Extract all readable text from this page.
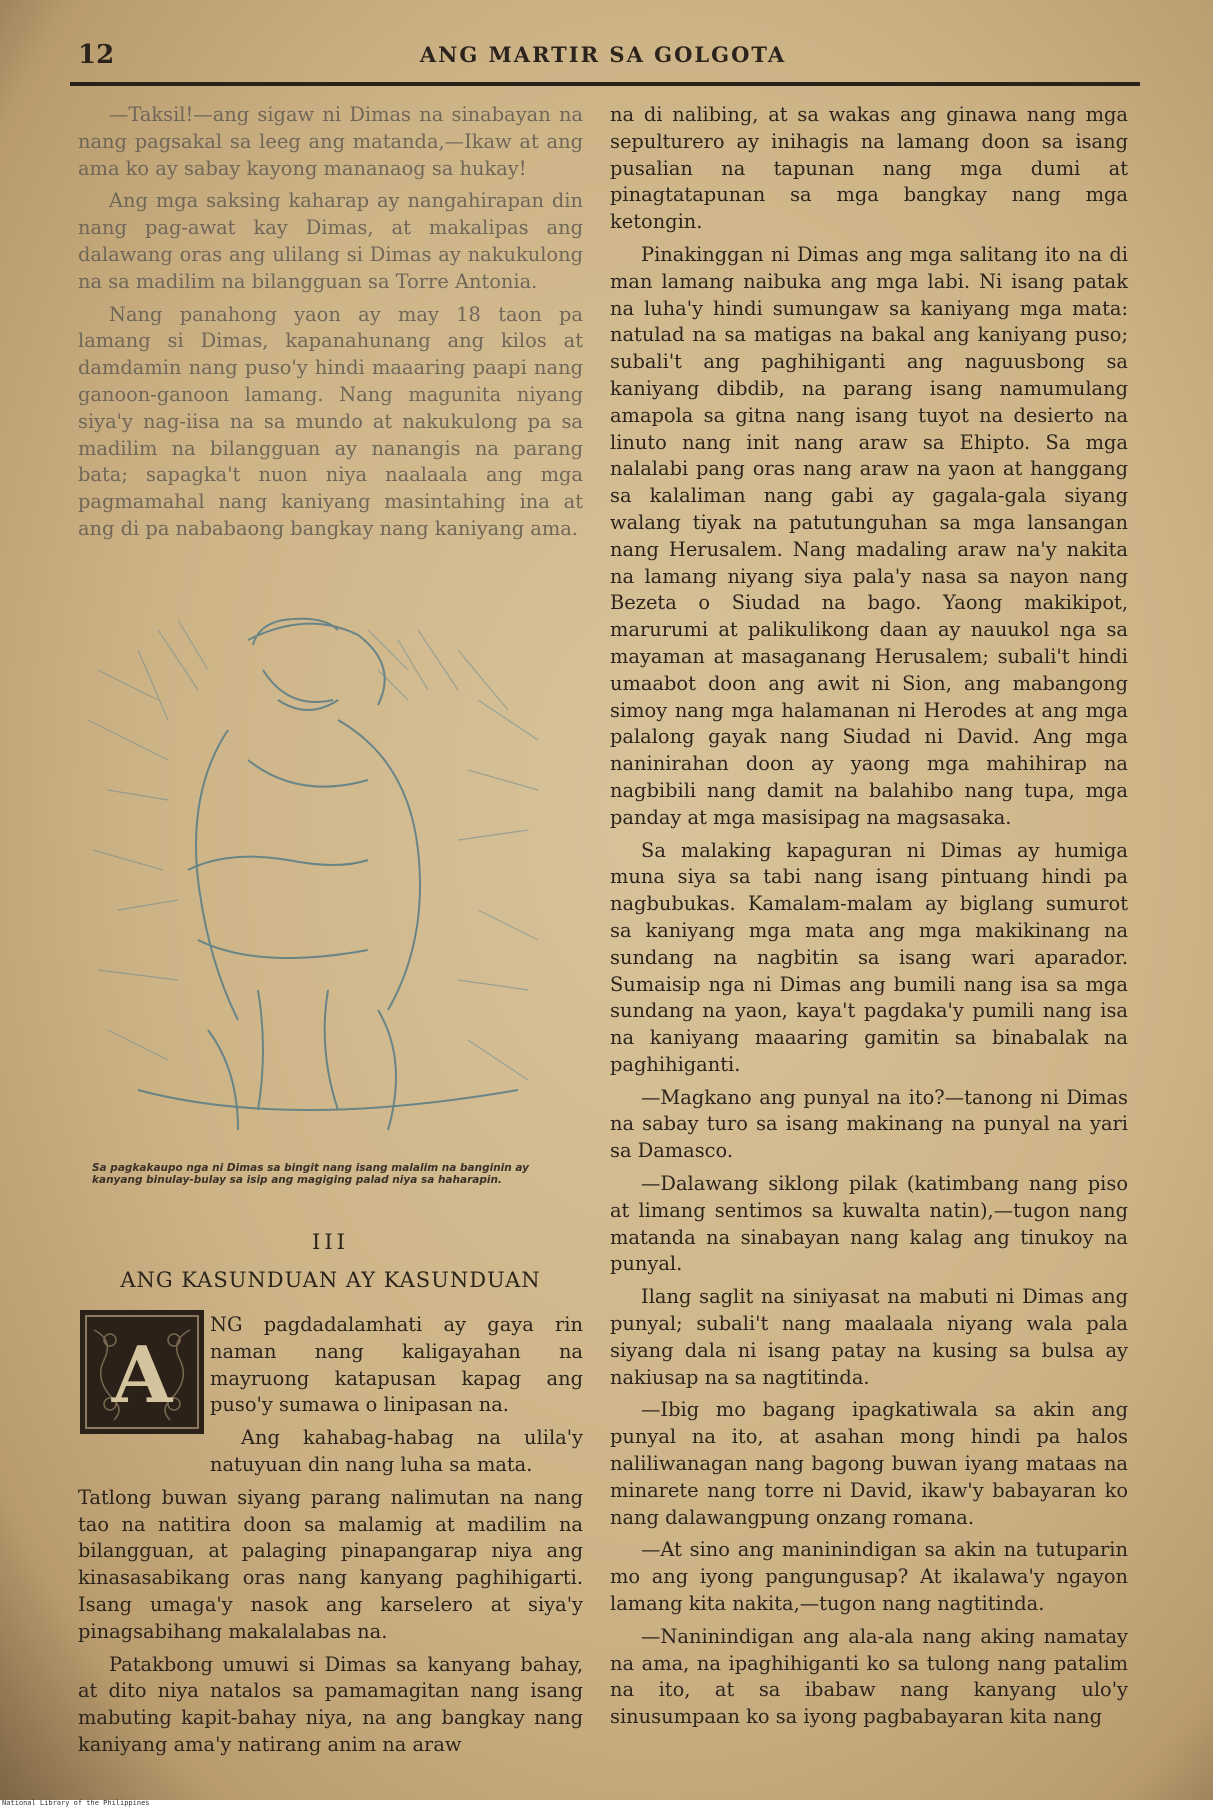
12	ANG MARTIR SA GOLGOTA

—Taksil!—ang sigaw ni Dimas na sinabayan na nang pagsakal sa leeg ang matanda,—Ikaw at ang ama ko ay sabay kayong mananaog sa hukay!

Ang mga saksing kaharap ay nangahirapan din nang pag-awat kay Dimas, at makalipas ang dalawang oras ang ulilang si Dimas ay nakukulong na sa madilim na bilangguan sa Torre Antonia.

Nang panahong yaon ay may 18 taon pa lamang si Dimas, kapanahunang ang kilos at damdamin nang puso'y hindi maaaring paapi nang ganoon-ganoon lamang. Nang magunita niyang siya'y nag-iisa na sa mundo at nakukulong pa sa madilim na bilangguan ay nanangis na parang bata; sapagka't nuon niya naalaala ang mga pagmamahal nang kaniyang masintahing ina at ang di pa nababaong bangkay nang kaniyang ama.

Sa pagkakaupo nga ni Dimas sa bingit nang isang malalim na banginin ay kanyang binulay-bulay sa isip ang magiging palad niya sa haharapin.
III
ANG KASUNDUAN AY KASUNDUAN
A

NG pagdadalamhati ay gaya rin naman nang kaligayahan na mayruong katapusan kapag ang puso'y sumawa o linipasan na.

Ang kahabag-habag na ulila'y natuyuan din nang luha sa mata.

Tatlong buwan siyang parang nalimutan na nang tao na natitira doon sa malamig at madilim na bilangguan, at palaging pinapangarap niya ang kinasasabikang oras nang kanyang paghihigarti. Isang umaga'y nasok ang karselero at siya'y pinagsabihang makalalabas na.

Patakbong umuwi si Dimas sa kanyang bahay, at dito niya natalos sa pamamagitan nang isang mabuting kapit-bahay niya, na ang bangkay nang kaniyang ama'y natirang anim na araw

na di nalibing, at sa wakas ang ginawa nang mga sepulturero ay inihagis na lamang doon sa isang pusalian na tapunan nang mga dumi at pinagtatapunan sa mga bangkay nang mga ketongin.

Pinakinggan ni Dimas ang mga salitang ito na di man lamang naibuka ang mga labi. Ni isang patak na luha'y hindi sumungaw sa kaniyang mga mata: natulad na sa matigas na bakal ang kaniyang puso; subali't ang paghihiganti ang naguusbong sa kaniyang dibdib, na parang isang namumulang amapola sa gitna nang isang tuyot na desierto na linuto nang init nang araw sa Ehipto. Sa mga nalalabi pang oras nang araw na yaon at hanggang sa kalaliman nang gabi ay gagala-gala siyang walang tiyak na patutunguhan sa mga lansangan nang Herusalem. Nang madaling araw na'y nakita na lamang niyang siya pala'y nasa sa nayon nang Bezeta o Siudad na bago. Yaong makikipot, marurumi at palikulikong daan ay nauukol nga sa mayaman at masaganang Herusalem; subali't hindi umaabot doon ang awit ni Sion, ang mabangong simoy nang mga halamanan ni Herodes at ang mga palalong gayak nang Siudad ni David. Ang mga naninirahan doon ay yaong mga mahihirap na nagbibili nang damit na balahibo nang tupa, mga panday at mga masisipag na magsasaka.

Sa malaking kapaguran ni Dimas ay humiga muna siya sa tabi nang isang pintuang hindi pa nagbubukas. Kamalam-malam ay biglang sumurot sa kaniyang mga mata ang mga makikinang na sundang na nagbitin sa isang wari aparador. Sumaisip nga ni Dimas ang bumili nang isa sa mga sundang na yaon, kaya't pagdaka'y pumili nang isa na kaniyang maaaring gamitin sa binabalak na paghihiganti.

—Magkano ang punyal na ito?—tanong ni Dimas na sabay turo sa isang makinang na punyal na yari sa Damasco.

—Dalawang siklong pilak (katimbang nang piso at limang sentimos sa kuwalta natin),—tugon nang matanda na sinabayan nang kalag ang tinukoy na punyal.

Ilang saglit na siniyasat na mabuti ni Dimas ang punyal; subali't nang maalaala niyang wala pala siyang dala ni isang patay na kusing sa bulsa ay nakiusap na sa nagtitinda.

—Ibig mo bagang ipagkatiwala sa akin ang punyal na ito, at asahan mong hindi pa halos naliliwanagan nang bagong buwan iyang mataas na minarete nang torre ni David, ikaw'y babayaran ko nang dalawangpung onzang romana.

—At sino ang maninindigan sa akin na tutuparin mo ang iyong pangungusap? At ikalawa'y ngayon lamang kita nakita,—tugon nang nagtitinda.

—Naninindigan ang ala-ala nang aking namatay na ama, na ipaghihiganti ko sa tulong nang patalim na ito, at sa ibabaw nang kanyang ulo'y sinusumpaan ko sa iyong pagbabayaran kita nang

National Library of the Philippines
